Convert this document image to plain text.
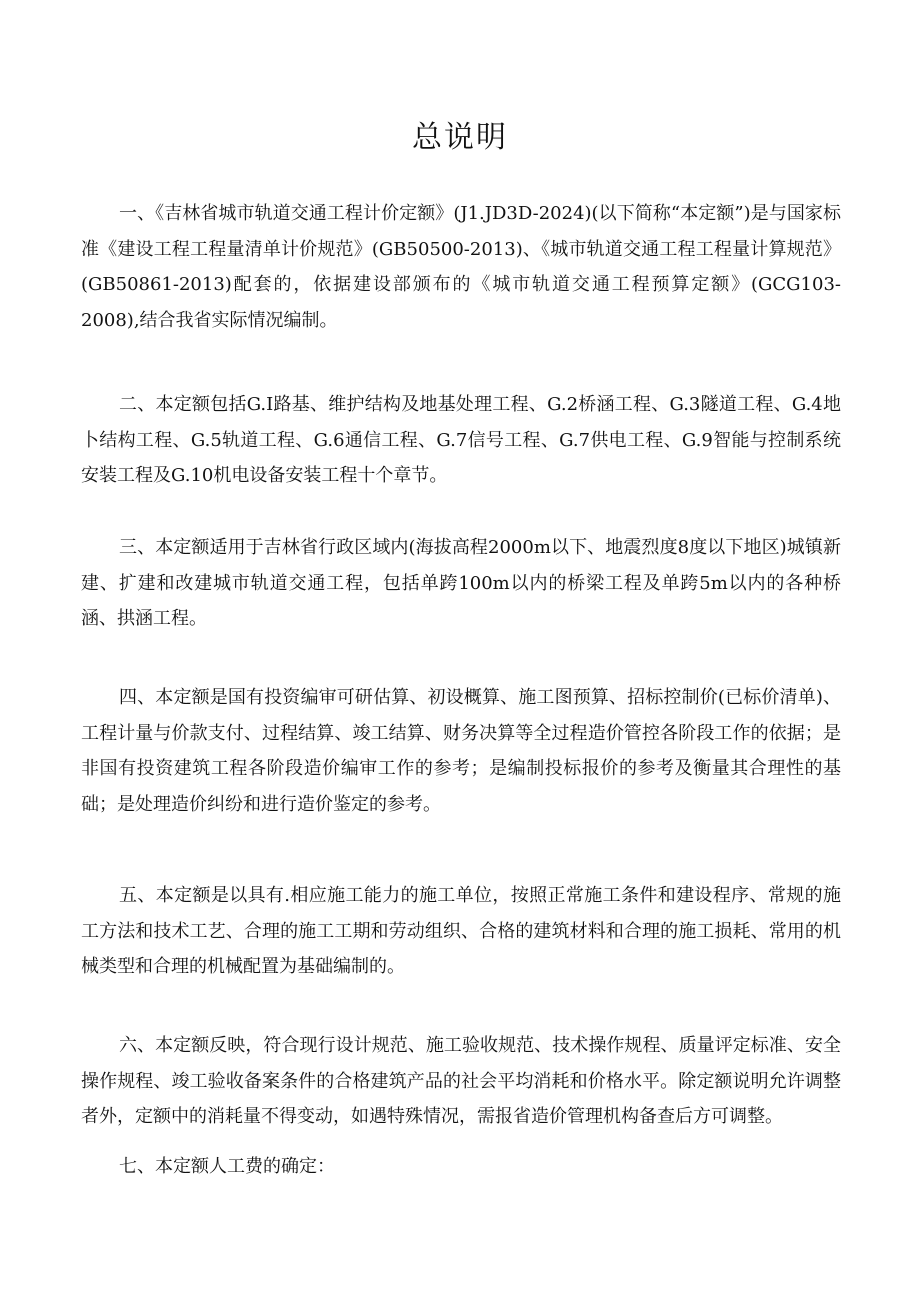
总说明

一、《吉林省城市轨道交通工程计价定额》(J1.JD3D-2024)(以下简称“本定额”)是与国家标准《建设工程工程量清单计价规范》(GB50500-2013)、《城市轨道交通工程工程量计算规范》(GB50861-2013)配套的，依据建设部颁布的《城市轨道交通工程预算定额》(GCG103-2008),结合我省实际情况编制。

二、本定额包括G.I路基、维护结构及地基处理工程、G.2桥涵工程、G.3隧道工程、G.4地卜结构工程、G.5轨道工程、G.6通信工程、G.7信号工程、G.7供电工程、G.9智能与控制系统安装工程及G.10机电设备安装工程十个章节。

三、本定额适用于吉林省行政区域内(海拔高程2000m以下、地震烈度8度以下地区)城镇新建、扩建和改建城市轨道交通工程，包括单跨100m以内的桥梁工程及单跨5m以内的各种桥涵、拱涵工程。

四、本定额是国有投资编审可研估算、初设概算、施工图预算、招标控制价(已标价清单)、工程计量与价款支付、过程结算、竣工结算、财务决算等全过程造价管控各阶段工作的依据；是非国有投资建筑工程各阶段造价编审工作的参考；是编制投标报价的参考及衡量其合理性的基础；是处理造价纠纷和进行造价鉴定的参考。

五、本定额是以具有.相应施工能力的施工单位，按照正常施工条件和建设程序、常规的施工方法和技术工艺、合理的施工工期和劳动组织、合格的建筑材料和合理的施工损耗、常用的机械类型和合理的机械配置为基础编制的。

六、本定额反映，符合现行设计规范、施工验收规范、技术操作规程、质量评定标准、安全操作规程、竣工验收备案条件的合格建筑产品的社会平均消耗和价格水平。除定额说明允许调整者外，定额中的消耗量不得变动，如遇特殊情况，需报省造价管理机构备查后方可调整。

七、本定额人工费的确定：
